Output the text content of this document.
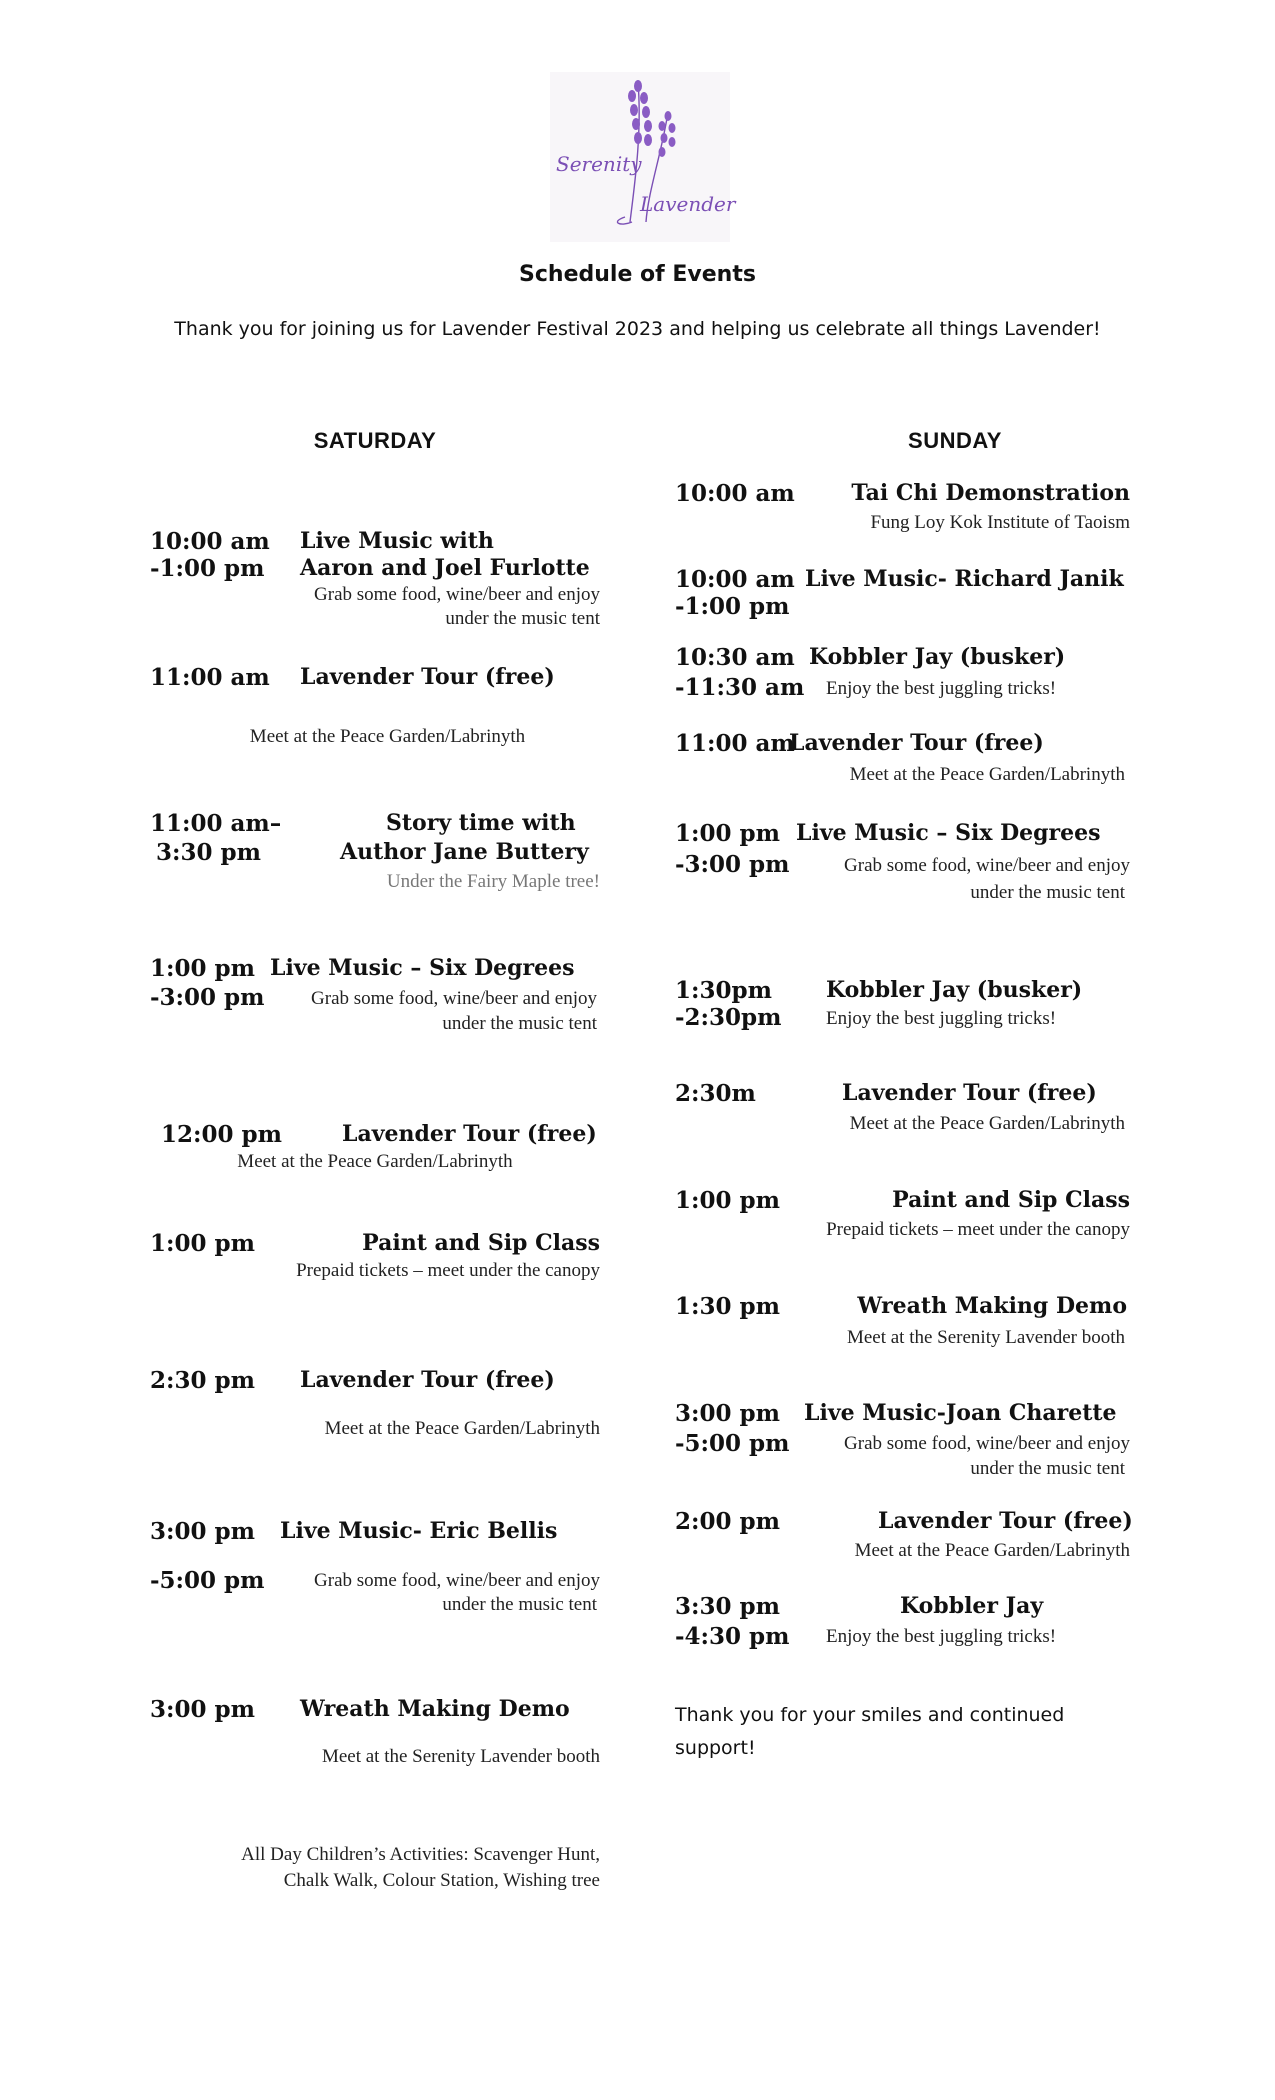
Serenity
Lavender
Schedule of Events
Thank you for joining us for Lavender Festival 2023 and helping us celebrate all things Lavender!
SATURDAY	SUNDAY
10:00 am
-1:00 pm
Live Music with
Aaron and Joel Furlotte
Grab some food, wine/beer and enjoy
under the music tent
11:00 am Lavender Tour (free)
Meet at the Peace Garden/Labrinyth
11:00 am–
3:30 pm
Story time with
Author Jane Buttery
Under the Fairy Maple tree!
1:00 pm
-3:00 pm
Live Music – Six Degrees
Grab some food, wine/beer and enjoy
under the music tent
12:00 pm	Lavender Tour (free)
Meet at the Peace Garden/Labrinyth
1:00 pm	Paint and Sip Class
Prepaid tickets – meet under the canopy
2:30 pm Lavender Tour (free)
Meet at the Peace Garden/Labrinyth
3:00 pm
-5:00 pm
Live Music- Eric Bellis
Grab some food, wine/beer and enjoy
under the music tent
3:00 pm Wreath Making Demo
Meet at the Serenity Lavender booth
All Day Children’s Activities: Scavenger Hunt,
Chalk Walk, Colour Station, Wishing tree
10:00 am	Tai Chi Demonstration
Fung Loy Kok Institute of Taoism
10:00 am
-1:00 pm
Live Music- Richard Janik
10:30 am
-11:30 am
Kobbler Jay (busker)
Enjoy the best juggling tricks!
11:00 am
Lavender Tour (free)
Meet at the Peace Garden/Labrinyth
1:00 pm
-3:00 pm
Live Music – Six Degrees
Grab some food, wine/beer and enjoy
under the music tent
1:30pm
-2:30pm
Kobbler Jay (busker)
Enjoy the best juggling tricks!
2:30m	Lavender Tour (free)
Meet at the Peace Garden/Labrinyth
1:00 pm	Paint and Sip Class
Prepaid tickets – meet under the canopy
1:30 pm	Wreath Making Demo
Meet at the Serenity Lavender booth
3:00 pm
-5:00 pm
Live Music-Joan Charette
Grab some food, wine/beer and enjoy
under the music tent
2:00 pm	Lavender Tour (free)
Meet at the Peace Garden/Labrinyth
3:30 pm
-4:30 pm
Kobbler Jay
Enjoy the best juggling tricks!
Thank you for your smiles and continued
support!
